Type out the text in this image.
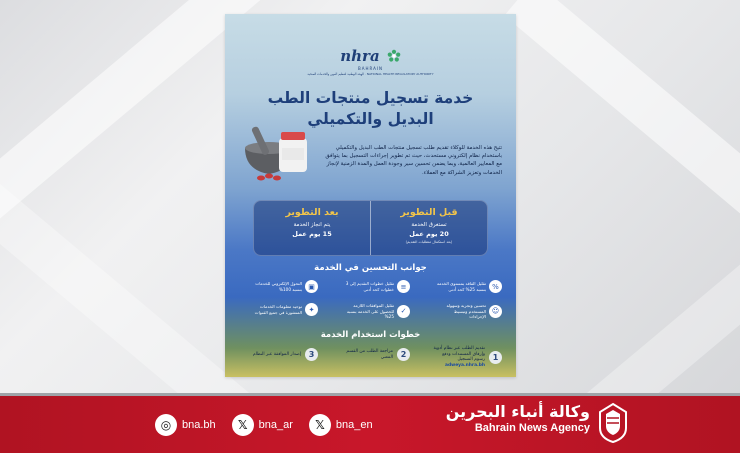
nhra
BAHRAIN
الهيئة الوطنية لتنظيم المهن والخدمات الصحية · NATIONAL HEALTH REGULATORY AUTHORITY
خدمة تسجيل منتجات الطب
البديل والتكميلي
تتيح هذه الخدمة للوكلاء تقديم طلب تسجيل منتجات الطب البديل والتكميلي باستخدام نظام إلكتروني مستحدث، حيث تم تطوير إجراءات التسجيل بما يتوافق مع المعايير العالمية، وبما يضمن تحسين سير وجودة العمل والمدة الزمنية لإنجاز الخدمات وتعزيز الشراكة مع العملاء.
قبل التطوير
تستغرق الخدمة
20 يوم عمل
(بعد استكمال متطلبات التقديم)
بعد التطوير
يتم انجاز الخدمة
15 يوم عمل
جوانب التحسين في الخدمة
%
تقليل الفاقد بمستوى الخدمة بنسبة 25% كحد أدنى
≡
تقليل خطوات التقديم إلى 3 خطوات كحد أدنى
▣
التحول الإلكتروني للخدمات بنسبة 100%
☺
تحسين وتجربة وسهولة المستخدم وتبسيط الإجراءات
✓
تقليل الموافقات اللازمة للحصول على الخدمة بنسبة 25%
✦
توحيد معلومات الخدمات المنشورة في جميع القنوات
خطوات استخدام الخدمة
1
تقديم الطلب عبر نظام أدوية وإرفاق المستندات ودفع رسوم التسجيل
adweya.nhra.bh
2
مراجعة الطلب من القسم المعني
3
إصدار الموافقة عبر النظام
◎ bna.bh	𝕏	bna_ar	𝕏	bna_en
وكالة أنباء البحرين
Bahrain News Agency
